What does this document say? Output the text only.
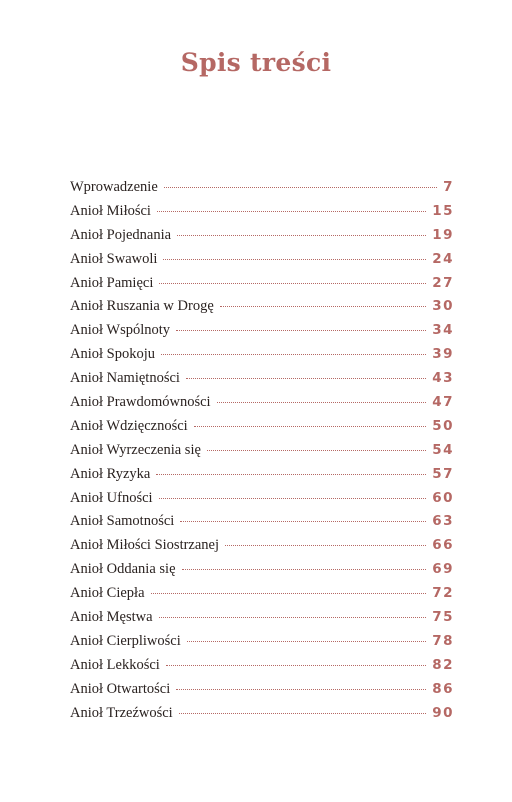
Spis treści
Wprowadzenie	7
Anioł Miłości	15
Anioł Pojednania	19
Anioł Swawoli	24
Anioł Pamięci	27
Anioł Ruszania w Drogę	30
Anioł Wspólnoty	34
Anioł Spokoju	39
Anioł Namiętności	43
Anioł Prawdomówności	47
Anioł Wdzięczności	50
Anioł Wyrzeczenia się	54
Anioł Ryzyka	57
Anioł Ufności	60
Anioł Samotności	63
Anioł Miłości Siostrzanej	66
Anioł Oddania się	69
Anioł Ciepła	72
Anioł Męstwa	75
Anioł Cierpliwości	78
Anioł Lekkości	82
Anioł Otwartości	86
Anioł Trzeźwości	90
